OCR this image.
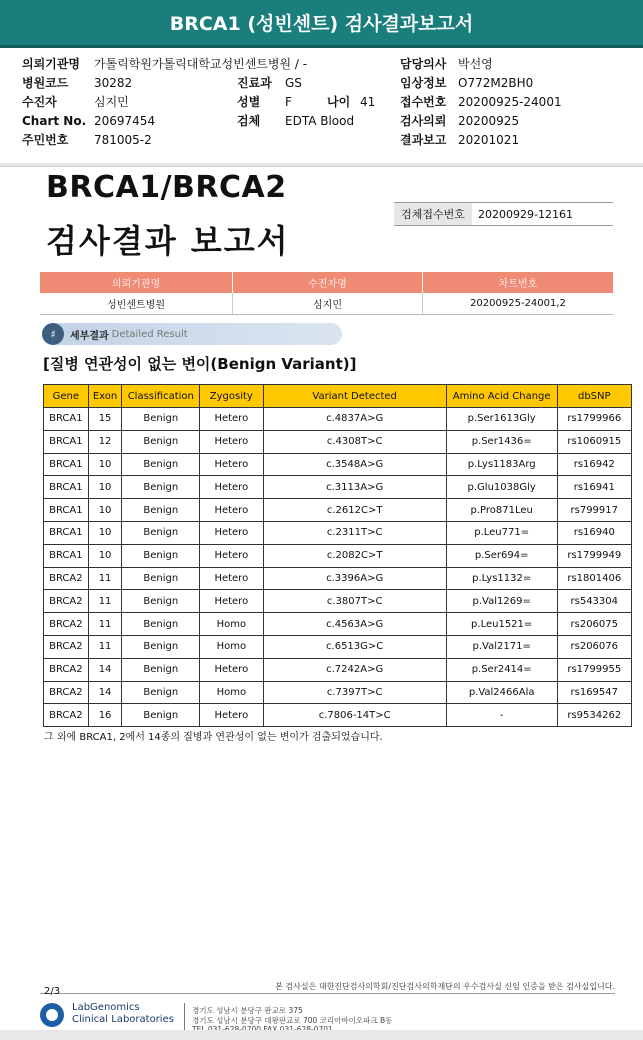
BRCA1 (성빈센트) 검사결과보고서
의뢰기관명 가톨릭학원가톨릭대학교성빈센트병원 / -
병원코드 30282
수진자	심지민
Chart No. 20697454
주민번호 781005-2
진료과 GS
성별 F
검체 EDTA Blood
담당의사 박선영
임상정보 O772M2BH0
접수번호 20200925-24001
검사의뢰 20200925
결과보고 20201021
나이 41
BRCA1/BRCA2
검사결과 보고서
검체접수번호	20200929-12161
의뢰기관명	수진자명	차트번호
성빈센트병원	심지민	20200925-24001,2
♯	세부결과 Detailed Result
[질병 연관성이 없는 변이(Benign Variant)]
Gene	Exon	Classification	Zygosity	Variant Detected	Amino Acid Change	dbSNP
BRCA1	15	Benign	Hetero	c.4837A>G	p.Ser1613Gly	rs1799966
BRCA1	12	Benign	Hetero	c.4308T>C	p.Ser1436=	rs1060915
BRCA1	10	Benign	Hetero	c.3548A>G	p.Lys1183Arg	rs16942
BRCA1	10	Benign	Hetero	c.3113A>G	p.Glu1038Gly	rs16941
BRCA1	10	Benign	Hetero	c.2612C>T	p.Pro871Leu	rs799917
BRCA1	10	Benign	Hetero	c.2311T>C	p.Leu771=	rs16940
BRCA1	10	Benign	Hetero	c.2082C>T	p.Ser694=	rs1799949
BRCA2	11	Benign	Hetero	c.3396A>G	p.Lys1132=	rs1801406
BRCA2	11	Benign	Hetero	c.3807T>C	p.Val1269=	rs543304
BRCA2	11	Benign	Homo	c.4563A>G	p.Leu1521=	rs206075
BRCA2	11	Benign	Homo	c.6513G>C	p.Val2171=	rs206076
BRCA2	14	Benign	Hetero	c.7242A>G	p.Ser2414=	rs1799955
BRCA2	14	Benign	Homo	c.7397T>C	p.Val2466Ala	rs169547
BRCA2	16	Benign	Hetero	c.7806-14T>C	-	rs9534262
그 외에 BRCA1, 2에서 14종의 질병과 연관성이 없는 변이가 검출되었습니다.
본 검사실은 대한진단검사의학회/진단검사의학재단의 우수검사실 신임 인증을 받은 검사실입니다.
2/3
LabGenomics
Clinical Laboratories
경기도 성남시 분당구 판교로 375
경기도 성남시 분당구 대왕판교로 700 코리아바이오파크 B동
